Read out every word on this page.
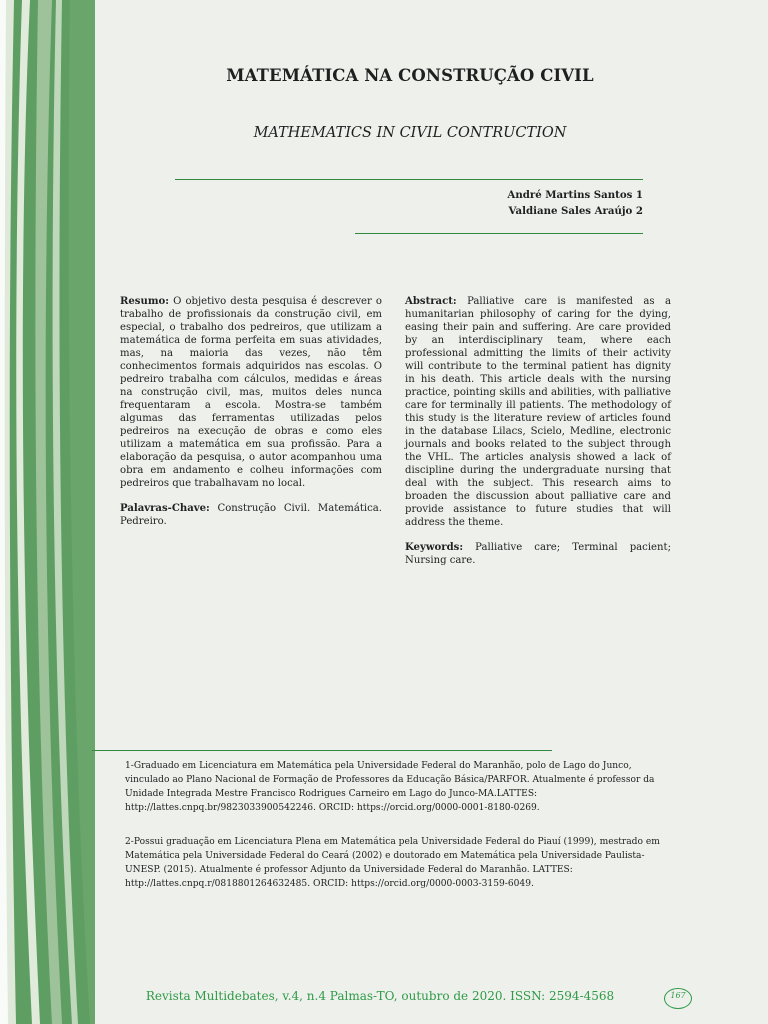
MATEMÁTICA NA CONSTRUÇÃO CIVIL
MATHEMATICS IN CIVIL CONTRUCTION
André Martins Santos 1
Valdiane Sales Araújo 2

Resumo: O objetivo desta pesquisa é descrever o trabalho de profissionais da construção civil, em especial, o trabalho dos pedreiros, que utilizam a matemática de forma perfeita em suas atividades, mas, na maioria das vezes, não têm conhecimentos formais adquiridos nas escolas. O pedreiro trabalha com cálculos, medidas e áreas na construção civil, mas, muitos deles nunca frequentaram a escola. Mostra-se também algumas das ferramentas utilizadas pelos pedreiros na execução de obras e como eles utilizam a matemática em sua profissão. Para a elaboração da pesquisa, o autor acompanhou uma obra em andamento e colheu informações com pedreiros que trabalhavam no local.

Palavras-Chave: Construção Civil. Matemática. Pedreiro.

Abstract: Palliative care is manifested as a humanitarian philosophy of caring for the dying, easing their pain and suffering. Are care provided by an interdisciplinary team, where each professional admitting the limits of their activity will contribute to the terminal patient has dignity in his death. This article deals with the nursing practice, pointing skills and abilities, with palliative care for terminally ill patients. The methodology of this study is the literature review of articles found in the database Lilacs, Scielo, Medline, electronic journals and books related to the subject through the VHL. The articles analysis showed a lack of discipline during the undergraduate nursing that deal with the subject. This research aims to broaden the discussion about palliative care and provide assistance to future studies that will address the theme.

Keywords: Palliative care; Terminal pacient; Nursing care.

1-Graduado em Licenciatura em Matemática pela Universidade Federal do Maranhão, polo de Lago do Junco, vinculado ao Plano Nacional de Formação de Professores da Educação Básica/PARFOR. Atualmente é professor da Unidade Integrada Mestre Francisco Rodrigues Carneiro em Lago do Junco-MA.LATTES: http://lattes.cnpq.br/9823033900542246. ORCID: https://orcid.org/0000-0001-8180-0269.
2-Possui graduação em Licenciatura Plena em Matemática pela Universidade Federal do Piauí (1999), mestrado em Matemática pela Universidade Federal do Ceará (2002) e doutorado em Matemática pela Universidade Paulista-UNESP. (2015). Atualmente é professor Adjunto da Universidade Federal do Maranhão. LATTES: http://lattes.cnpq.r/0818801264632485. ORCID: https://orcid.org/0000-0003-3159-6049.
Revista Multidebates, v.4, n.4 Palmas-TO, outubro de 2020. ISSN: 2594-4568	167
